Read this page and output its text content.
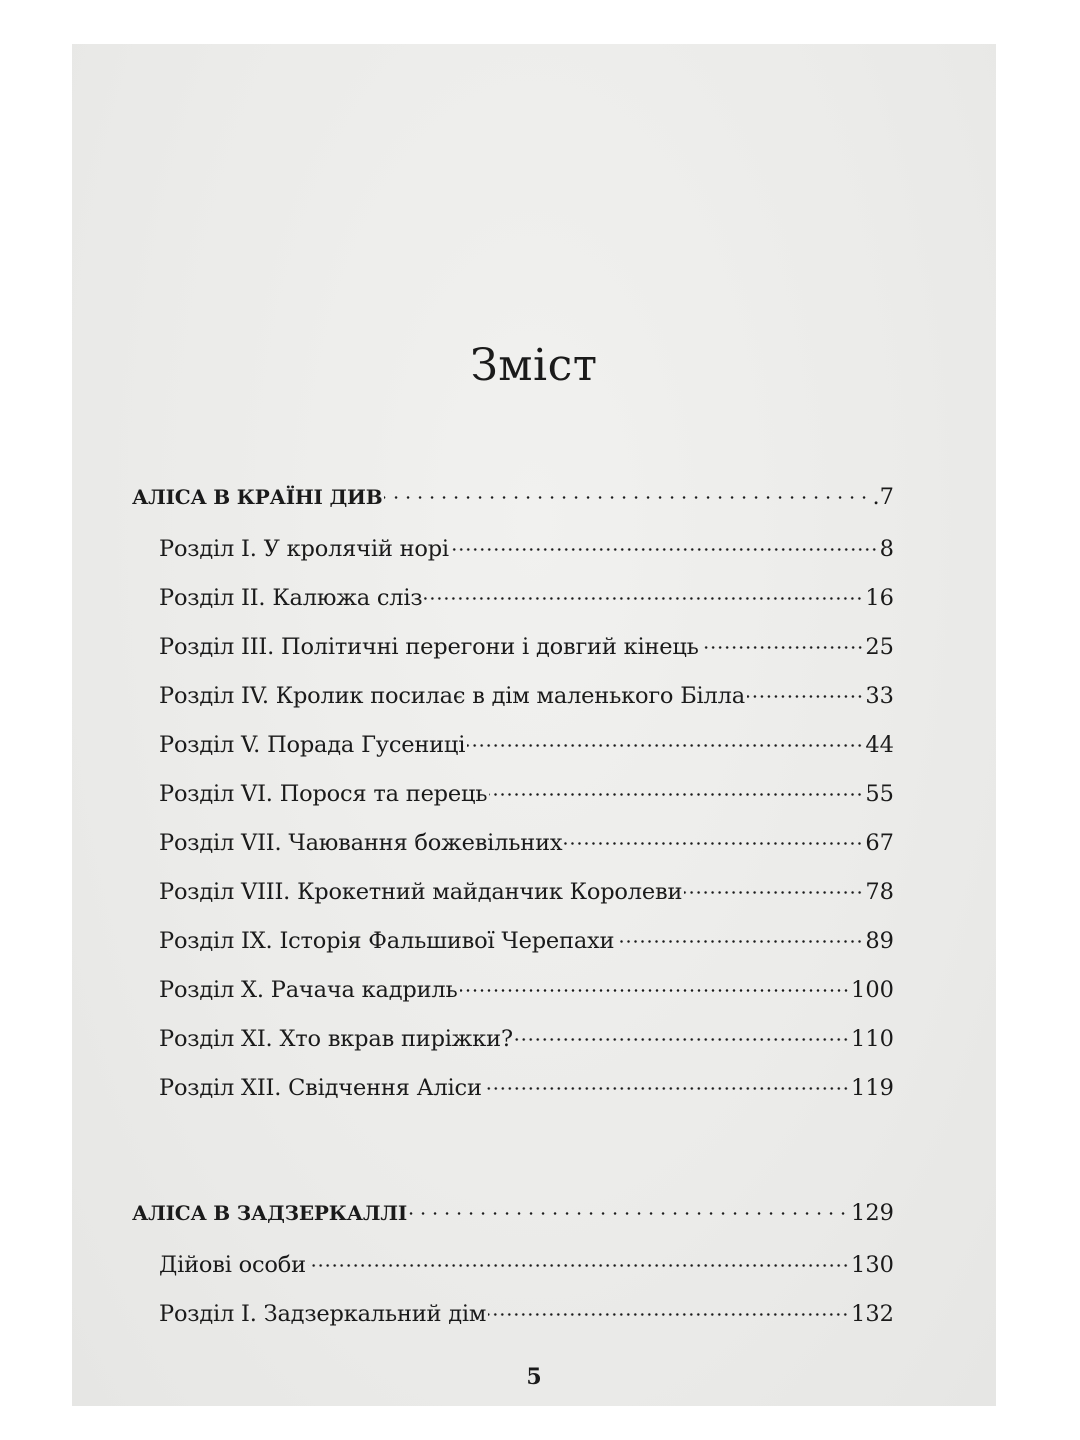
Зміст
АЛІСА В КРАЇНІ ДИВ	.7
Розділ I. У кролячій норі	8
Розділ II. Калюжа сліз	16
Розділ III. Політичні перегони і довгий кінець	25
Розділ IV. Кролик посилає в дім маленького Білла	33
Розділ V. Порада Гусениці	44
Розділ VI. Порося та перець	55
Розділ VII. Чаювання божевільних	67
Розділ VIII. Крокетний майданчик Королеви	78
Розділ IX. Історія Фальшивої Черепахи	89
Розділ X. Рачача кадриль	100
Розділ XI. Хто вкрав пиріжки?	110
Розділ XII. Свідчення Аліси	119
АЛІСА В ЗАДЗЕРКАЛЛІ	129
Дійові особи	130
Розділ I. Задзеркальний дім	132
5
